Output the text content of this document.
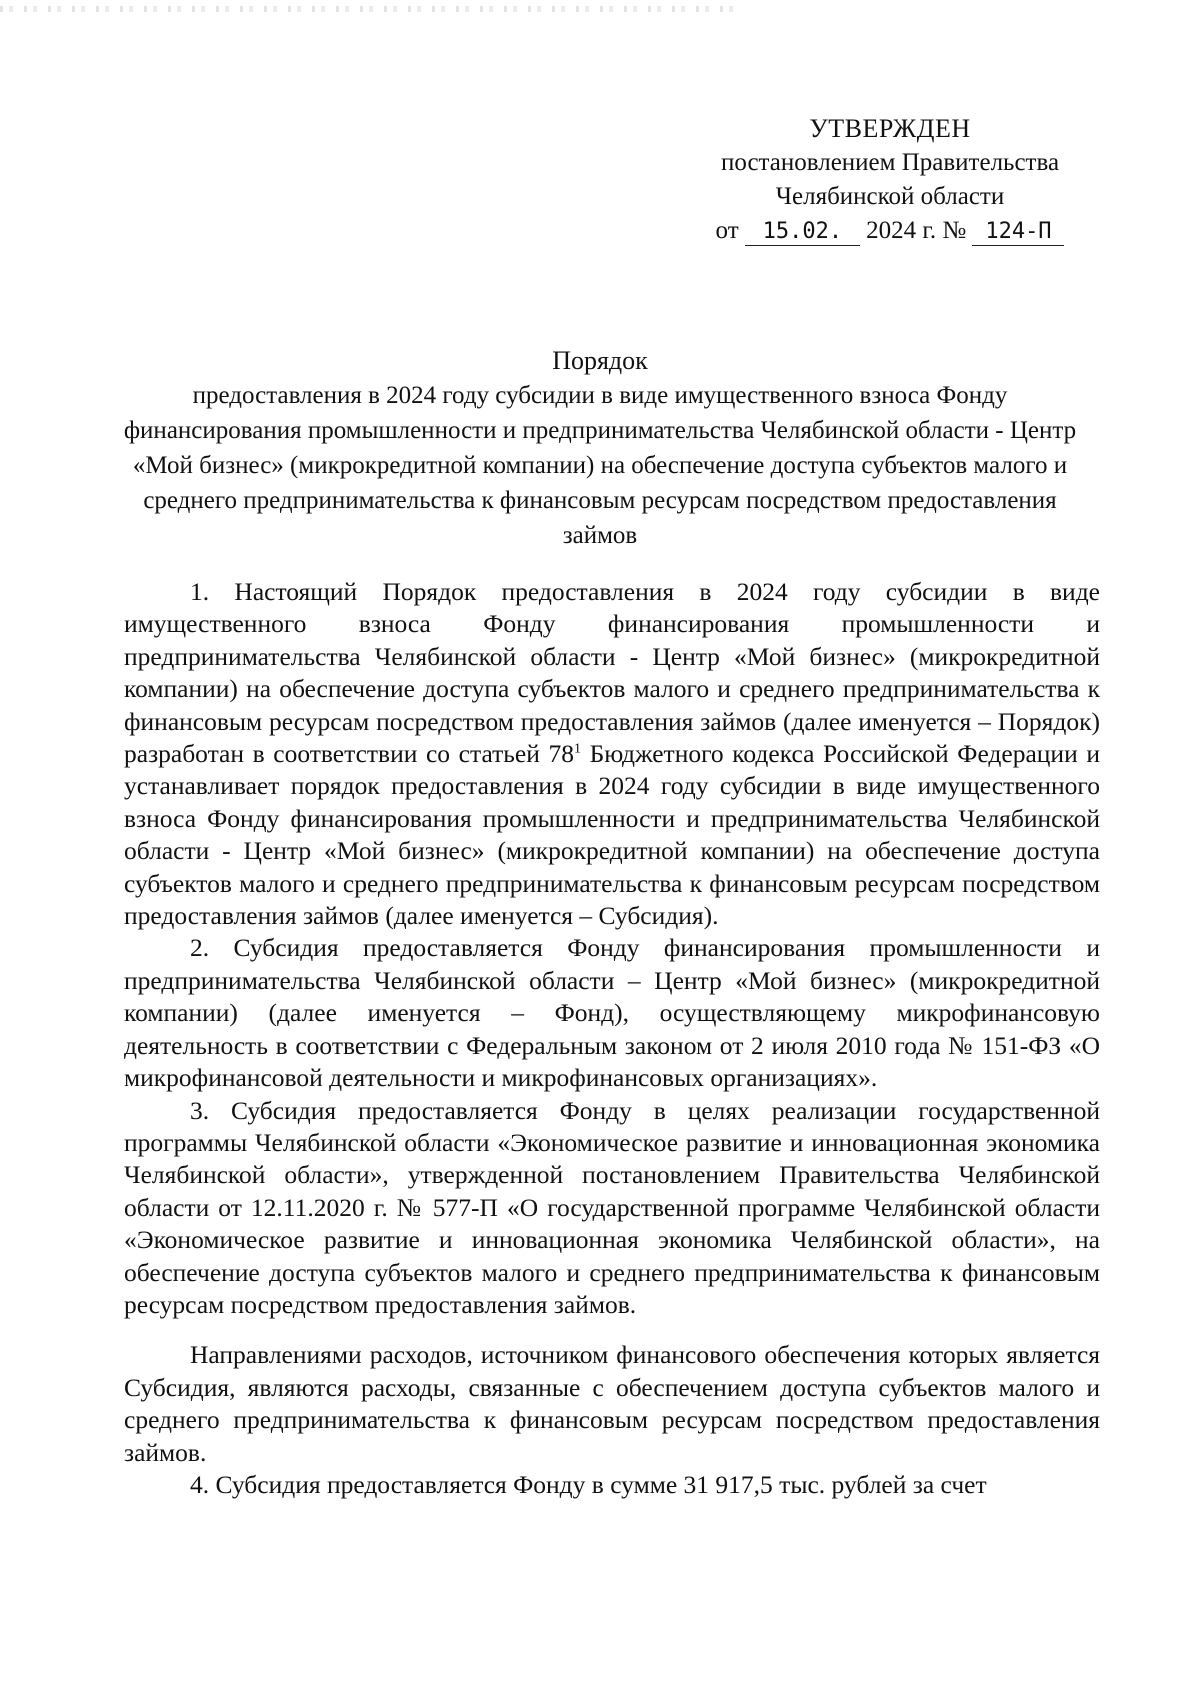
УТВЕРЖДЕН
постановлением Правительства
Челябинской области
от 15.02. 2024 г. № 124-П
Порядок
предоставления в 2024 году субсидии в виде имущественного взноса Фонду финансирования промышленности и предпринимательства Челябинской области - Центр «Мой бизнес» (микрокредитной компании) на обеспечение доступа субъектов малого и среднего предпринимательства к финансовым ресурсам посредством предоставления займов

1. Настоящий Порядок предоставления в 2024 году субсидии в виде имущественного взноса Фонду финансирования промышленности и предпринимательства Челябинской области - Центр «Мой бизнес» (микрокредитной компании) на обеспечение доступа субъектов малого и среднего предпринимательства к финансовым ресурсам посредством предоставления займов (далее именуется – Порядок) разработан в соответствии со статьей $78^1$ Бюджетного кодекса Российской Федерации и устанавливает порядок предоставления в 2024 году субсидии в виде имущественного взноса Фонду финансирования промышленности и предпринимательства Челябинской области - Центр «Мой бизнес» (микрокредитной компании) на обеспечение доступа субъектов малого и среднего предпринимательства к финансовым ресурсам посредством предоставления займов (далее именуется – Субсидия).

2. Субсидия предоставляется Фонду финансирования промышленности и предпринимательства Челябинской области – Центр «Мой бизнес» (микрокредитной компании) (далее именуется – Фонд), осуществляющему микрофинансовую деятельность в соответствии с Федеральным законом от 2 июля 2010 года № 151-ФЗ «О микрофинансовой деятельности и микрофинансовых организациях».

3. Субсидия предоставляется Фонду в целях реализации государственной программы Челябинской области «Экономическое развитие и инновационная экономика Челябинской области», утвержденной постановлением Правительства Челябинской области от 12.11.2020 г. № 577-П «О государственной программе Челябинской области «Экономическое развитие и инновационная экономика Челябинской области», на обеспечение доступа субъектов малого и среднего предпринимательства к финансовым ресурсам посредством предоставления займов.

Направлениями расходов, источником финансового обеспечения которых является Субсидия, являются расходы, связанные с обеспечением доступа субъектов малого и среднего предпринимательства к финансовым ресурсам посредством предоставления займов.

4. Субсидия предоставляется Фонду в сумме 31 917,5 тыс. рублей за счет
